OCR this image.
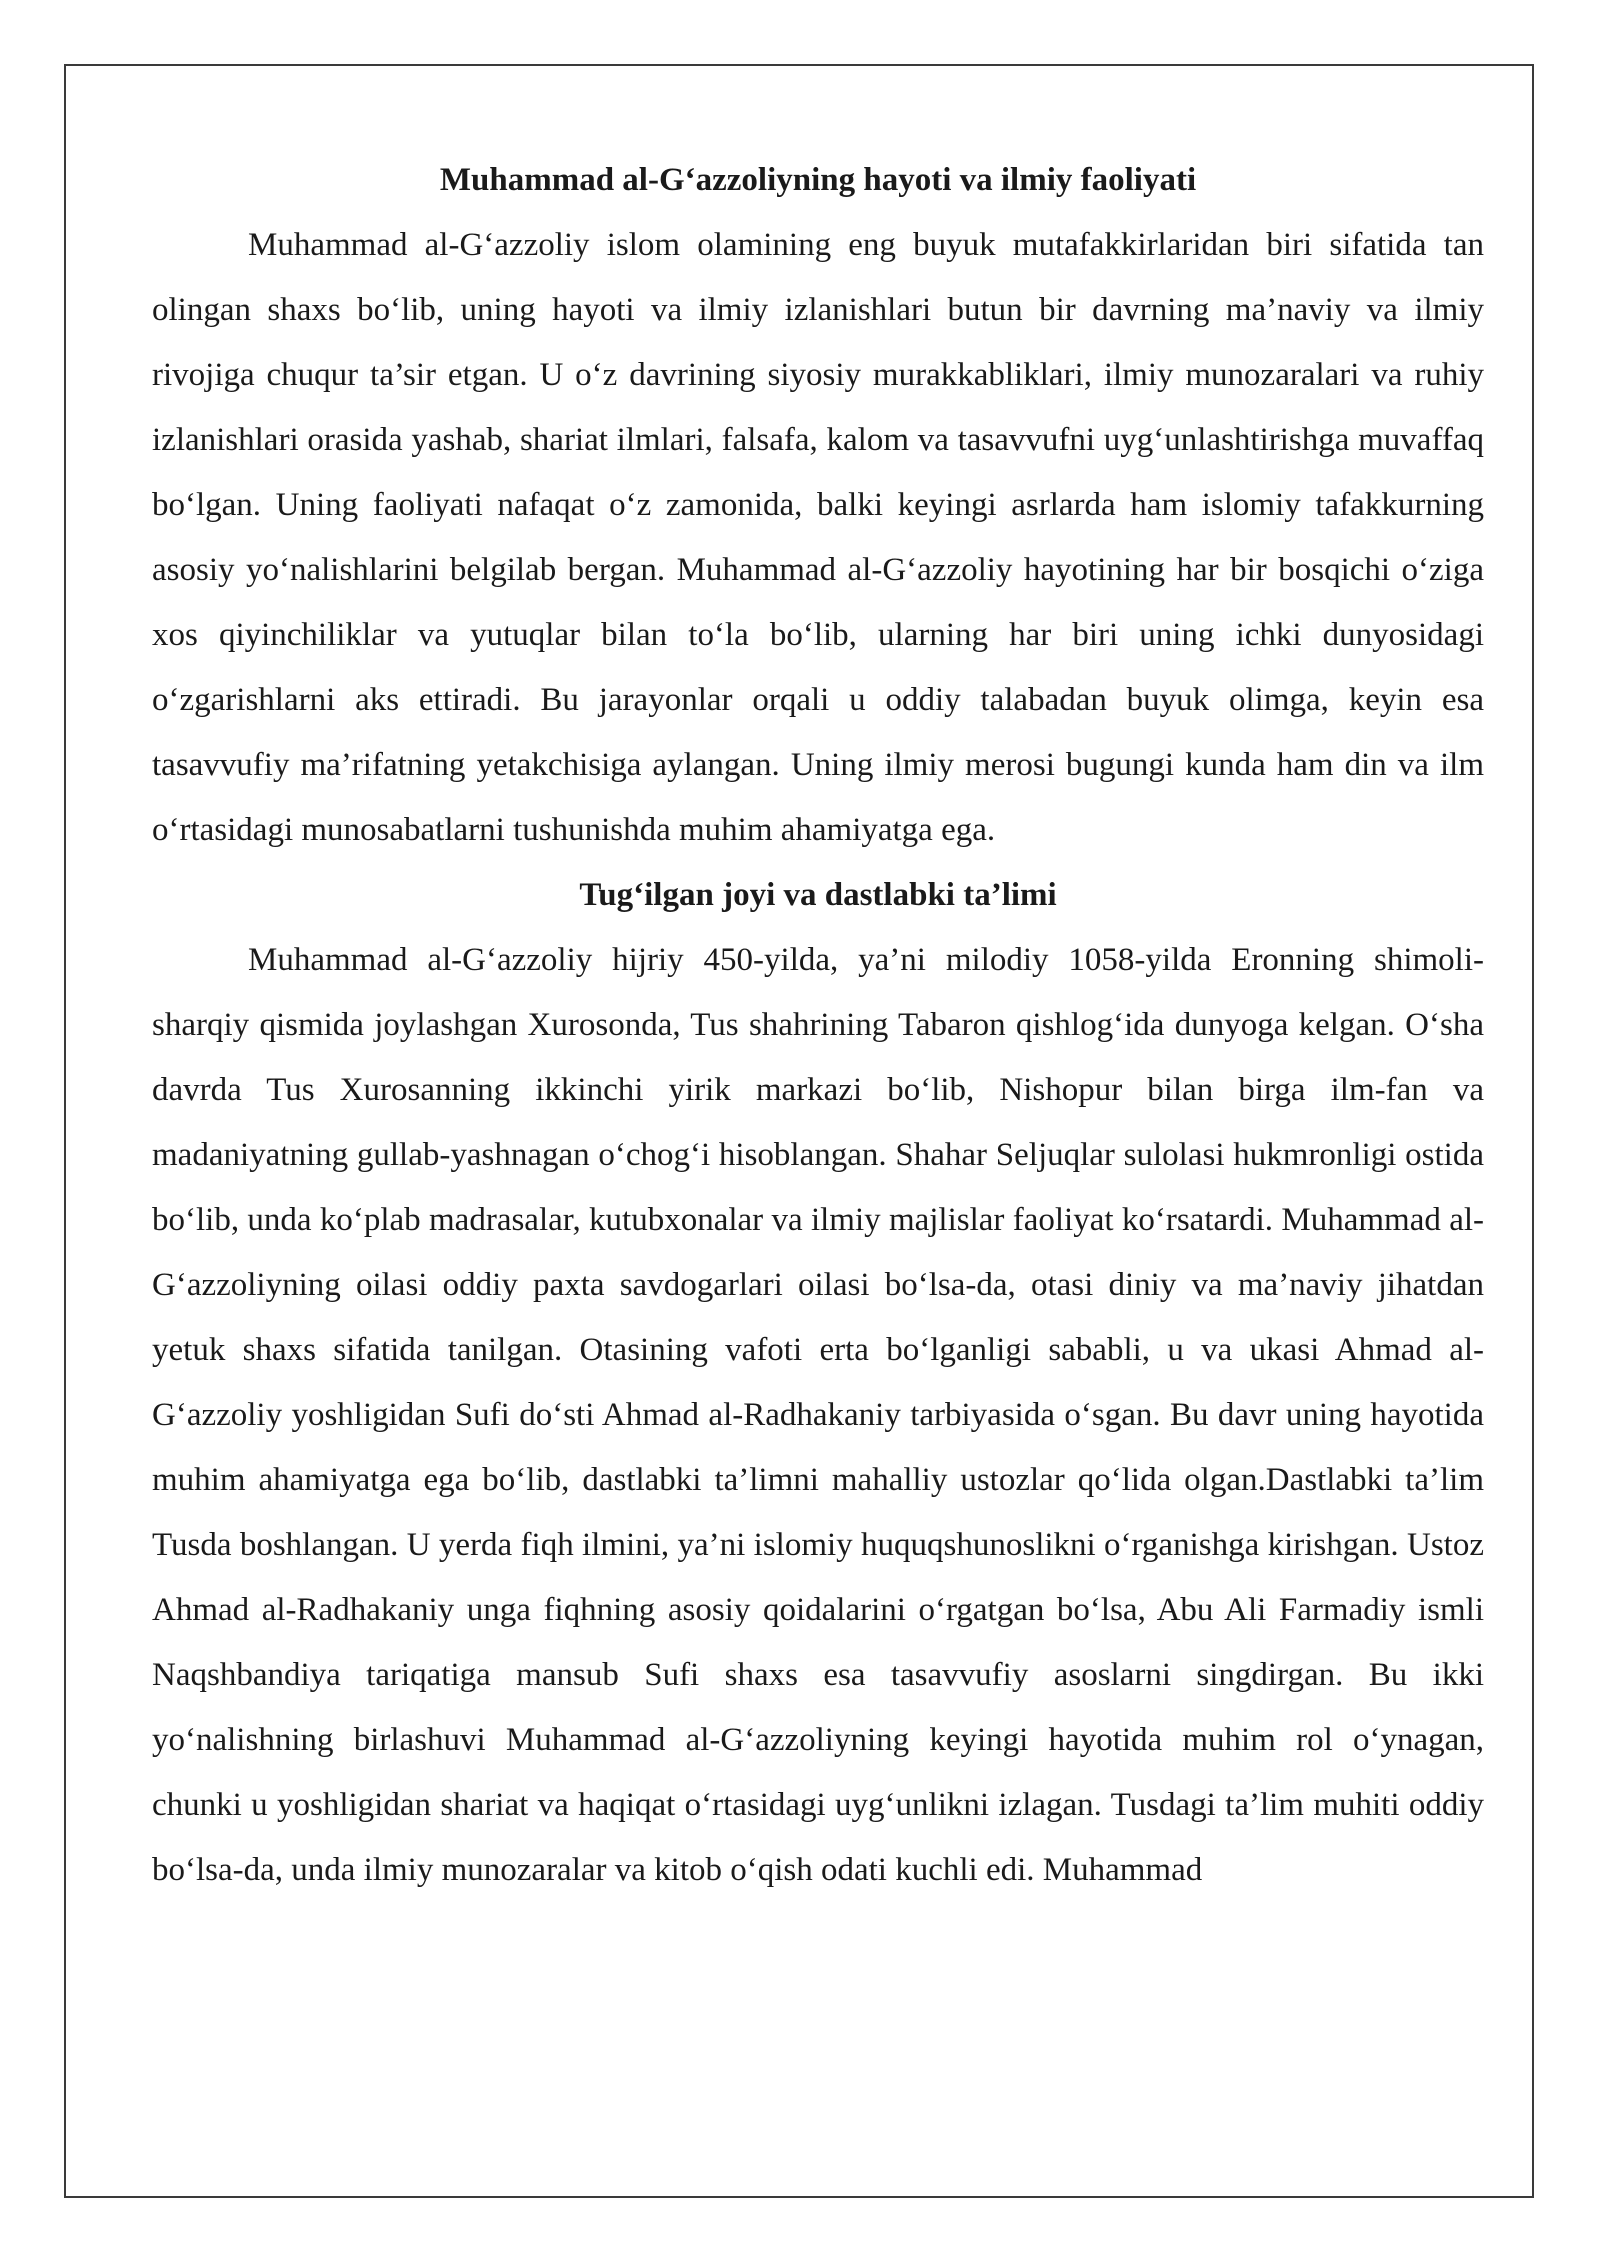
Muhammad al-G‘azzoliyning hayoti va ilmiy faoliyati

Muhammad al-G‘azzoliy islom olamining eng buyuk mutafakkirlaridan biri sifatida tan olingan shaxs bo‘lib, uning hayoti va ilmiy izlanishlari butun bir davrning ma’naviy va ilmiy rivojiga chuqur ta’sir etgan. U o‘z davrining siyosiy murakkabliklari, ilmiy munozaralari va ruhiy izlanishlari orasida yashab, shariat ilmlari, falsafa, kalom va tasavvufni uyg‘unlashtirishga muvaffaq bo‘lgan. Uning faoliyati nafaqat o‘z zamonida, balki keyingi asrlarda ham islomiy tafakkurning asosiy yo‘nalishlarini belgilab bergan. Muhammad al-G‘azzoliy hayotining har bir bosqichi o‘ziga xos qiyinchiliklar va yutuqlar bilan to‘la bo‘lib, ularning har biri uning ichki dunyosidagi o‘zgarishlarni aks ettiradi. Bu jarayonlar orqali u oddiy talabadan buyuk olimga, keyin esa tasavvufiy ma’rifatning yetakchisiga aylangan. Uning ilmiy merosi bugungi kunda ham din va ilm o‘rtasidagi munosabatlarni tushunishda muhim ahamiyatga ega.

Tug‘ilgan joyi va dastlabki ta’limi

Muhammad al-G‘azzoliy hijriy 450-yilda, ya’ni milodiy 1058-yilda Eronning shimoli-sharqiy qismida joylashgan Xurosonda, Tus shahrining Tabaron qishlog‘ida dunyoga kelgan. O‘sha davrda Tus Xurosanning ikkinchi yirik markazi bo‘lib, Nishopur bilan birga ilm-fan va madaniyatning gullab-yashnagan o‘chog‘i hisoblangan. Shahar Seljuqlar sulolasi hukmronligi ostida bo‘lib, unda ko‘plab madrasalar, kutubxonalar va ilmiy majlislar faoliyat ko‘rsatardi. Muhammad al-G‘azzoliyning oilasi oddiy paxta savdogarlari oilasi bo‘lsa-da, otasi diniy va ma’naviy jihatdan yetuk shaxs sifatida tanilgan. Otasining vafoti erta bo‘lganligi sababli, u va ukasi Ahmad al-G‘azzoliy yoshligidan Sufi do‘sti Ahmad al-Radhakaniy tarbiyasida o‘sgan. Bu davr uning hayotida muhim ahamiyatga ega bo‘lib, dastlabki ta’limni mahalliy ustozlar qo‘lida olgan.Dastlabki ta’lim Tusda boshlangan. U yerda fiqh ilmini, ya’ni islomiy huquqshunoslikni o‘rganishga kirishgan. Ustoz Ahmad al-Radhakaniy unga fiqhning asosiy qoidalarini o‘rgatgan bo‘lsa, Abu Ali Farmadiy ismli Naqshbandiya tariqatiga mansub Sufi shaxs esa tasavvufiy asoslarni singdirgan. Bu ikki yo‘nalishning birlashuvi Muhammad al-G‘azzoliyning keyingi hayotida muhim rol o‘ynagan, chunki u yoshligidan shariat va haqiqat o‘rtasidagi uyg‘unlikni izlagan. Tusdagi ta’lim muhiti oddiy bo‘lsa-da, unda ilmiy munozaralar va kitob o‘qish odati kuchli edi. Muhammad
